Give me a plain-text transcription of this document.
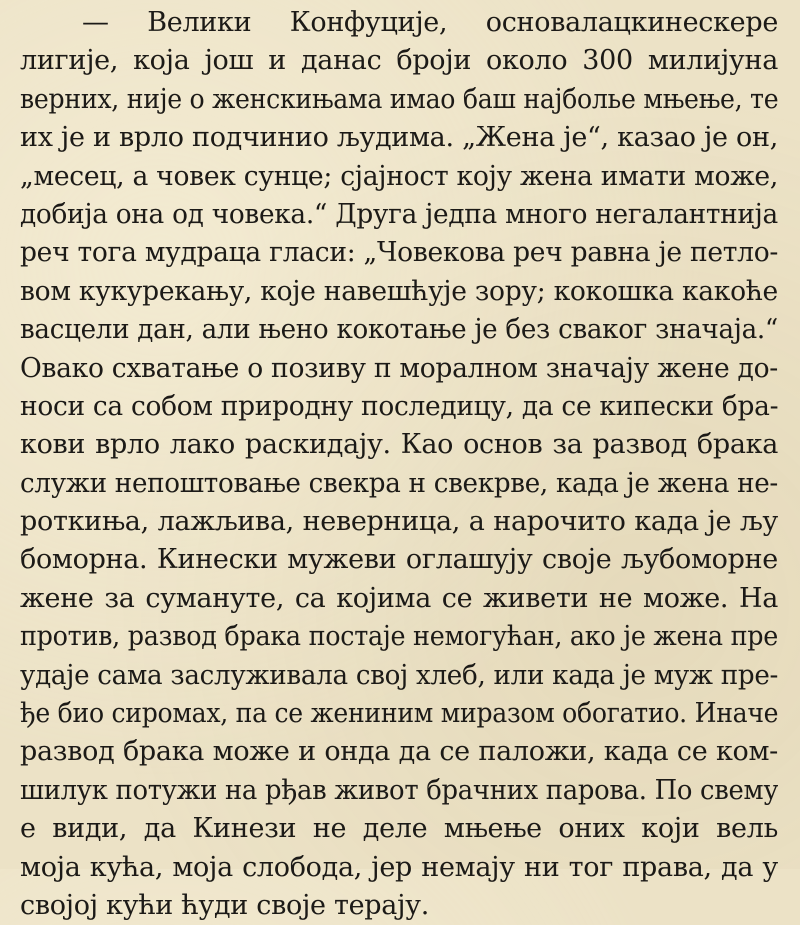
— Велики Конфуције, основалацкинескере
лигије, која још и данас броји около 300 милијуна
верних, није о женскињама имао баш најболье мњење, те
их је и врло подчинио људима. „Жена је“, казао је он,
„месец, а човек сунце; сјајност коју жена имати може,
добија она од човека.“ Друга једпа много негалантнија
реч тога мудраца гласи: „Човекова реч равна је петло-
вом кукурекању, које навешћује зору; кокошка какоће
васцели дан, али њено кокотање је без сваког значаја.“
Овако схватање о позиву п моралном значају жене до-
носи са собом природну последицу, да се кипески бра-
кови врло лако раскидају. Као основ за развод брака
служи непоштовање свекра н свекрве, када је жена не-
роткиња, лажљива, неверница, а нарочито када је љу
боморна. Кинески мужеви оглашују своје љубоморне
жене за сумануте, са којима се живети не може. На
против, развод брака постаје немогућан, ако је жена пре
удаје сама заслуживала свој хлеб, или када је муж пре-
ђе био сиромах, па се жениним миразом обогатио. Иначе
развод брака може и онда да се паложи, када се ком-
шилук потужи на рђав живот брачних парова. По свему
е види, да Кинези не деле мњење оних који вель
моја кућа, моја слобода, јер немају ни тог права, да у
својој кући ћуди своје терају.
